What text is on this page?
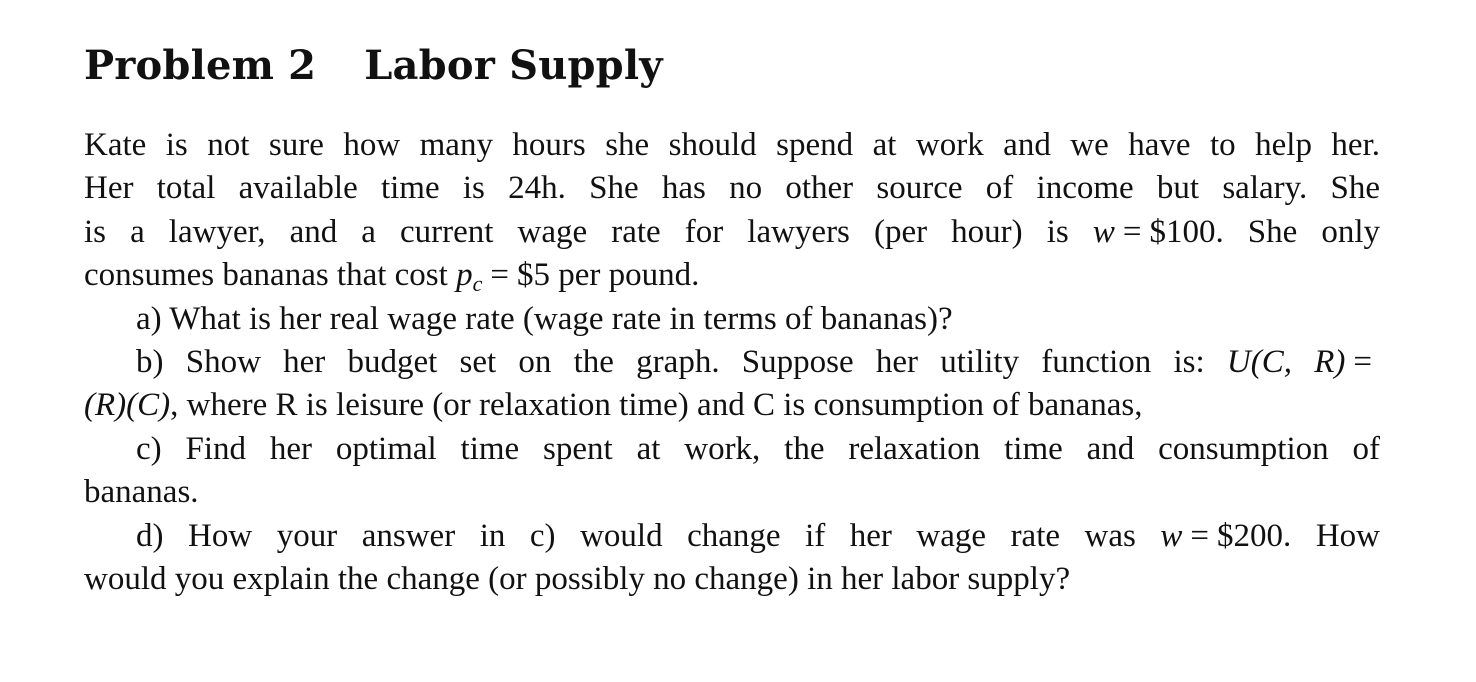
Problem 2 Labor Supply
Kate is not sure how many hours she should spend at work and we have to help her.
Her total available time is 24h. She has no other source of income but salary. She
is a lawyer, and a current wage rate for lawyers (per hour) is w = $100. She only
consumes bananas that cost $p_c$ = $5 per pound.
a) What is her real wage rate (wage rate in terms of bananas)?
b) Show her budget set on the graph. Suppose her utility function is: U(C, R) =
(R)(C), where R is leisure (or relaxation time) and C is consumption of bananas,
c) Find her optimal time spent at work, the relaxation time and consumption of
bananas.
d) How your answer in c) would change if her wage rate was w = $200. How
would you explain the change (or possibly no change) in her labor supply?
